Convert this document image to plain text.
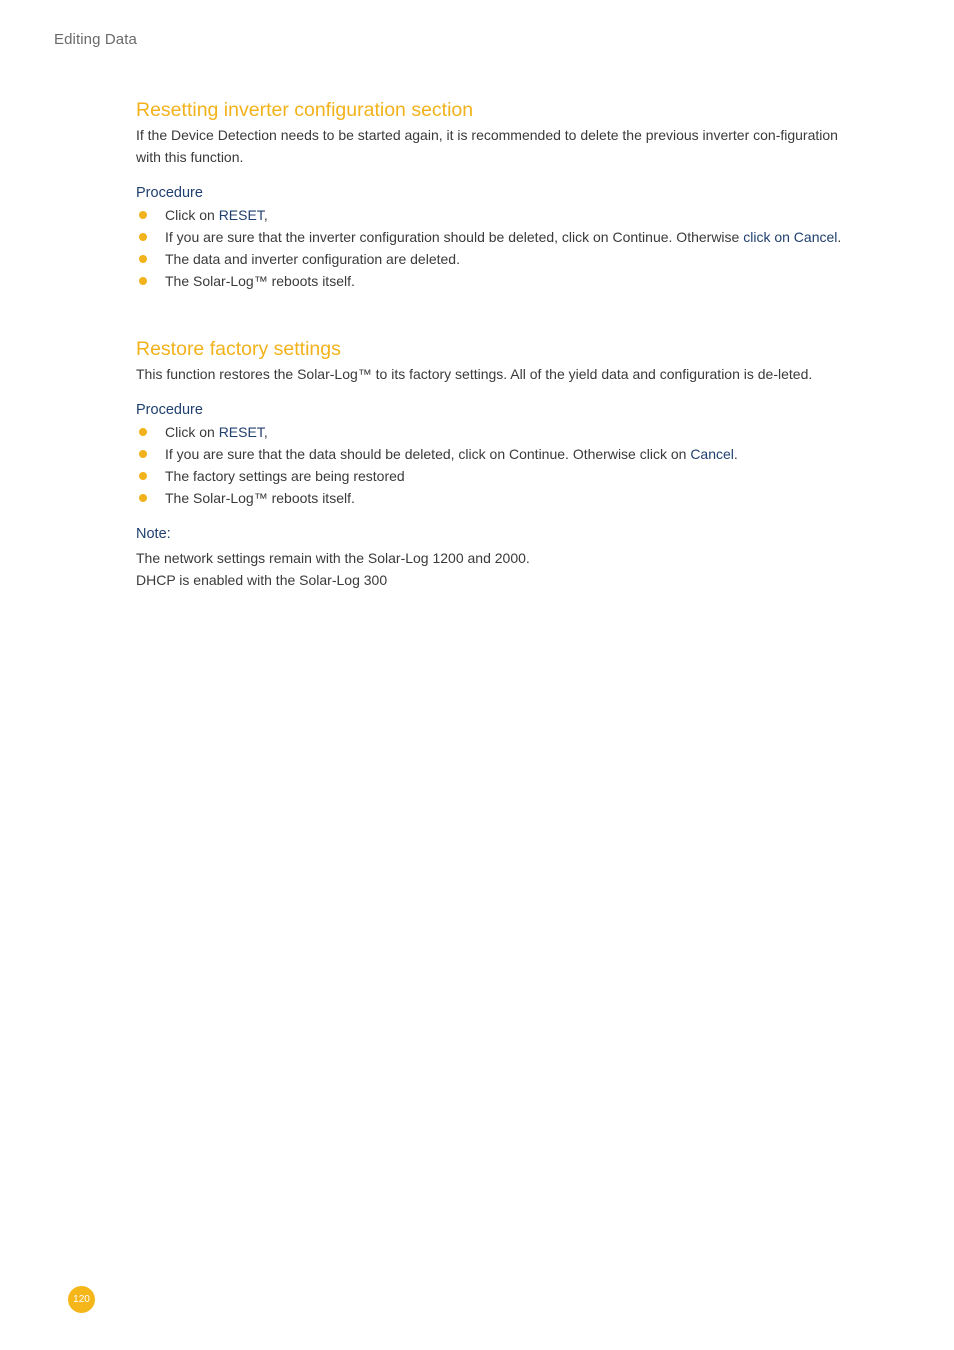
Editing Data
Resetting inverter configuration section

If the Device Detection needs to be started again, it is recommended to delete the previous inverter con-figuration with this function.

Procedure
Click on RESET,
If you are sure that the inverter configuration should be deleted, click on Continue. Otherwise click on Cancel.
The data and inverter configuration are deleted.
The Solar-Log™ reboots itself.
Restore factory settings

This function restores the Solar-Log™ to its factory settings. All of the yield data and configuration is de-leted.

Procedure
Click on RESET,
If you are sure that the data should be deleted, click on Continue. Otherwise click on Cancel.
The factory settings are being restored
The Solar-Log™ reboots itself.
Note:

The network settings remain with the Solar-Log 1200 and 2000.

DHCP is enabled with the Solar-Log 300

120
